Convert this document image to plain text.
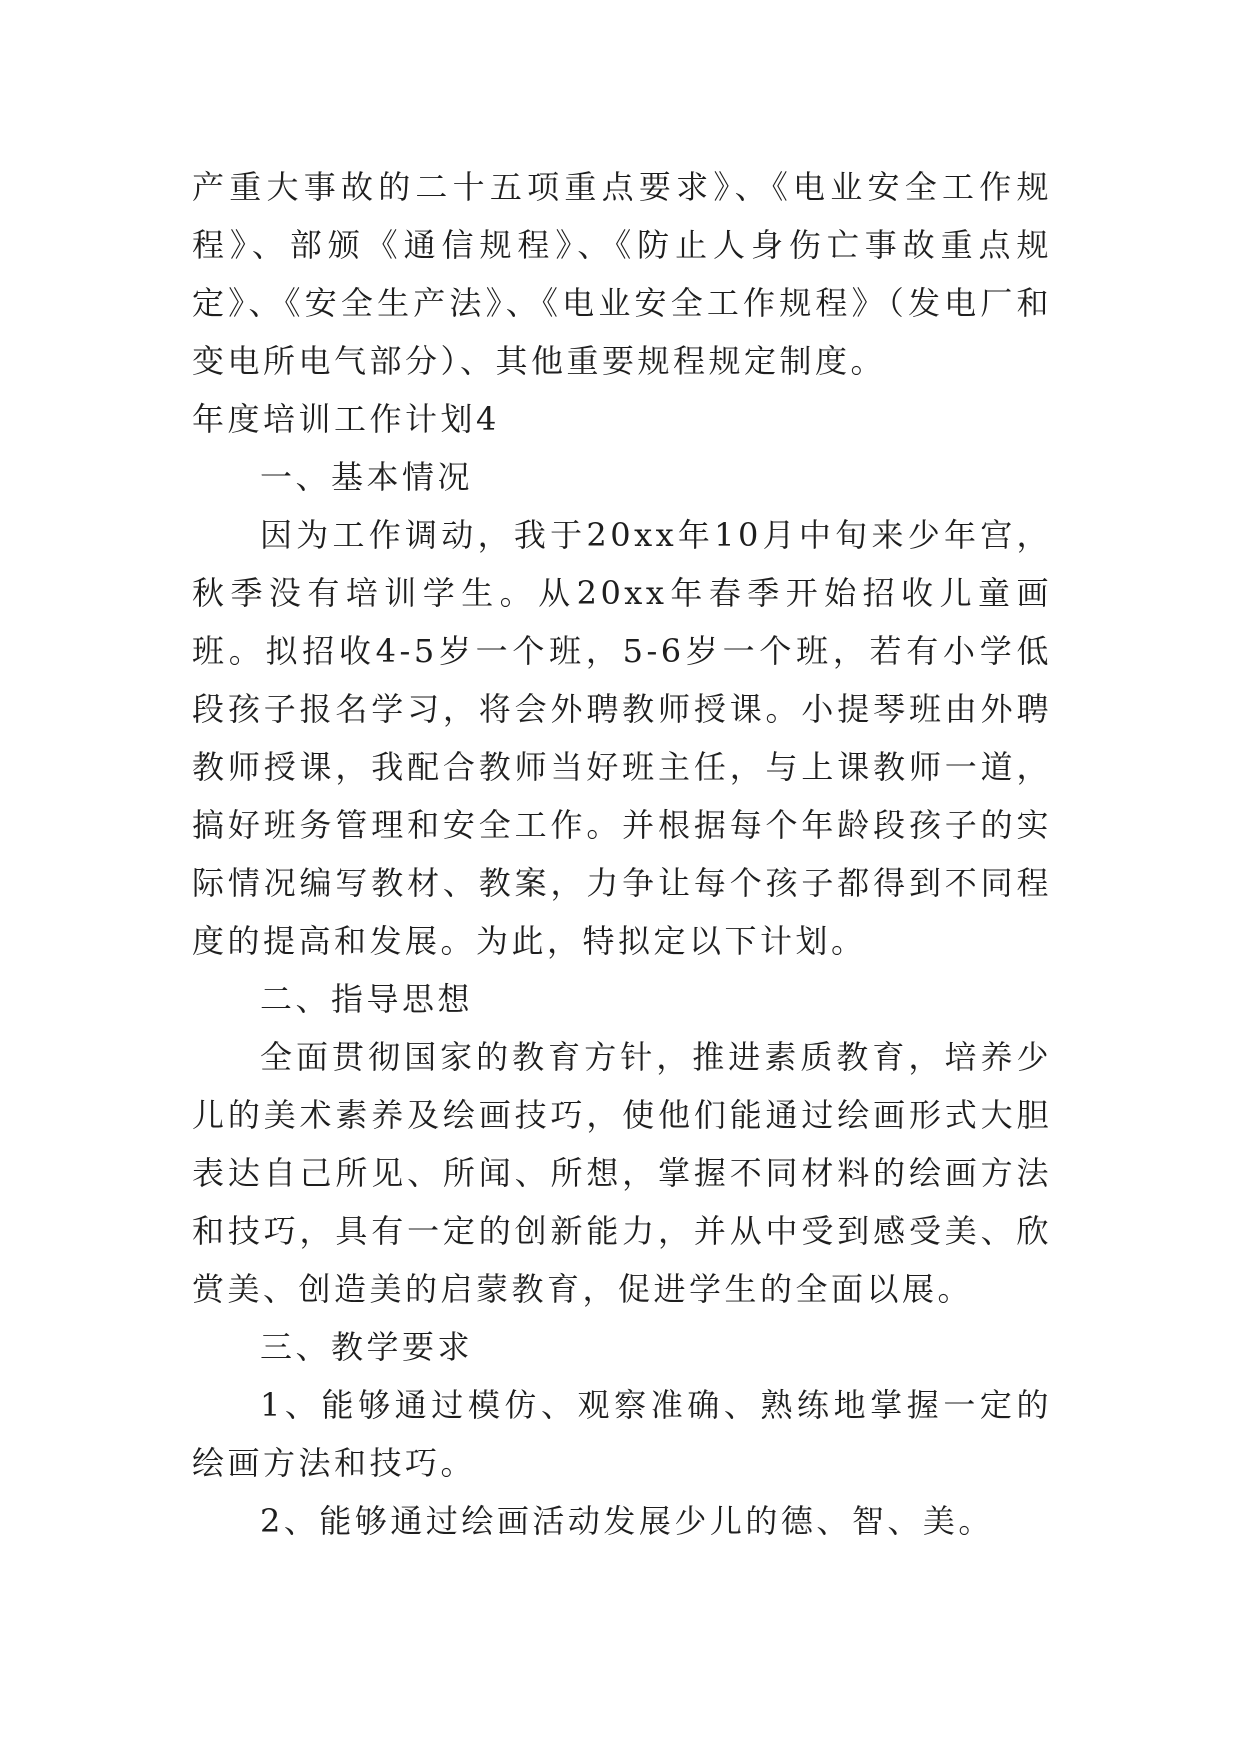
产重大事故的二十五项重点要求》、《电业安全工作规程》、部颁《通信规程》、《防止人身伤亡事故重点规定》、《安全生产法》、《电业安全工作规程》（发电厂和变电所电气部分）、其他重要规程规定制度。

年度培训工作计划4

一、基本情况

因为工作调动，我于20xx年10月中旬来少年宫，秋季没有培训学生。从20xx年春季开始招收儿童画班。拟招收4-5岁一个班，5-6岁一个班，若有小学低段孩子报名学习，将会外聘教师授课。小提琴班由外聘教师授课，我配合教师当好班主任，与上课教师一道，搞好班务管理和安全工作。并根据每个年龄段孩子的实际情况编写教材、教案，力争让每个孩子都得到不同程度的提高和发展。为此，特拟定以下计划。

二、指导思想

全面贯彻国家的教育方针，推进素质教育，培养少儿的美术素养及绘画技巧，使他们能通过绘画形式大胆表达自己所见、所闻、所想，掌握不同材料的绘画方法和技巧，具有一定的创新能力，并从中受到感受美、欣赏美、创造美的启蒙教育，促进学生的全面以展。

三、教学要求

1、能够通过模仿、观察准确、熟练地掌握一定的绘画方法和技巧。

2、能够通过绘画活动发展少儿的德、智、美。
